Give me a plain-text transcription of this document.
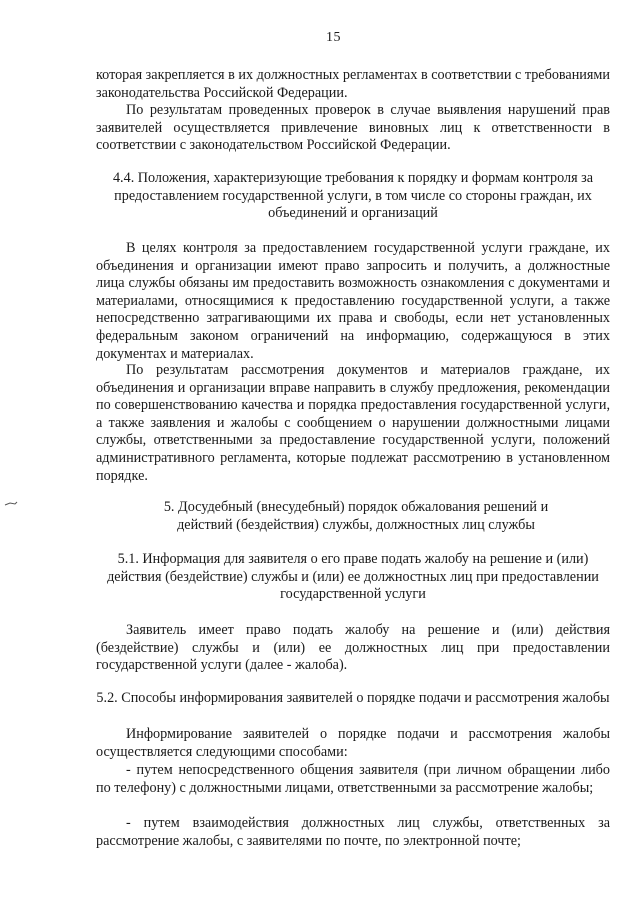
15

которая закрепляется в их должностных регламентах в соответствии с требованиями законодательства Российской Федерации.

По результатам проведенных проверок в случае выявления нарушений прав заявителей осуществляется привлечение виновных лиц к ответственности в соответствии с законодательством Российской Федерации.

4.4. Положения, характеризующие требования к порядку и формам контроля за предоставлением государственной услуги, в том числе со стороны граждан, их объединений и организаций

В целях контроля за предоставлением государственной услуги граждане, их объединения и организации имеют право запросить и получить, а должностные лица службы обязаны им предоставить возможность ознакомления с документами и материалами, относящимися к предоставлению государственной услуги, а также непосредственно затрагивающими их права и свободы, если нет установленных федеральным законом ограничений на информацию, содержащуюся в этих документах и материалах.

По результатам рассмотрения документов и материалов граждане, их объединения и организации вправе направить в службу предложения, рекомендации по совершенствованию качества и порядка предоставления государственной услуги, а также заявления и жалобы с сообщением о нарушении должностными лицами службы, ответственными за предоставление государственной услуги, положений административного регламента, которые подлежат рассмотрению в установленном порядке.

5. Досудебный (внесудебный) порядок обжалования решений и действий (бездействия) службы, должностных лиц службы

5.1. Информация для заявителя о его праве подать жалобу на решение и (или) действия (бездействие) службы и (или) ее должностных лиц при предоставлении государственной услуги

Заявитель имеет право подать жалобу на решение и (или) действия (бездействие) службы и (или) ее должностных лиц при предоставлении государственной услуги (далее - жалоба).

5.2. Способы информирования заявителей о порядке подачи и рассмотрения жалобы

Информирование заявителей о порядке подачи и рассмотрения жалобы осуществляется следующими способами:

- путем непосредственного общения заявителя (при личном обращении либо по телефону) с должностными лицами, ответственными за рассмотрение жалобы;

- путем взаимодействия должностных лиц службы, ответственных за рассмотрение жалобы, с заявителями по почте, по электронной почте;
